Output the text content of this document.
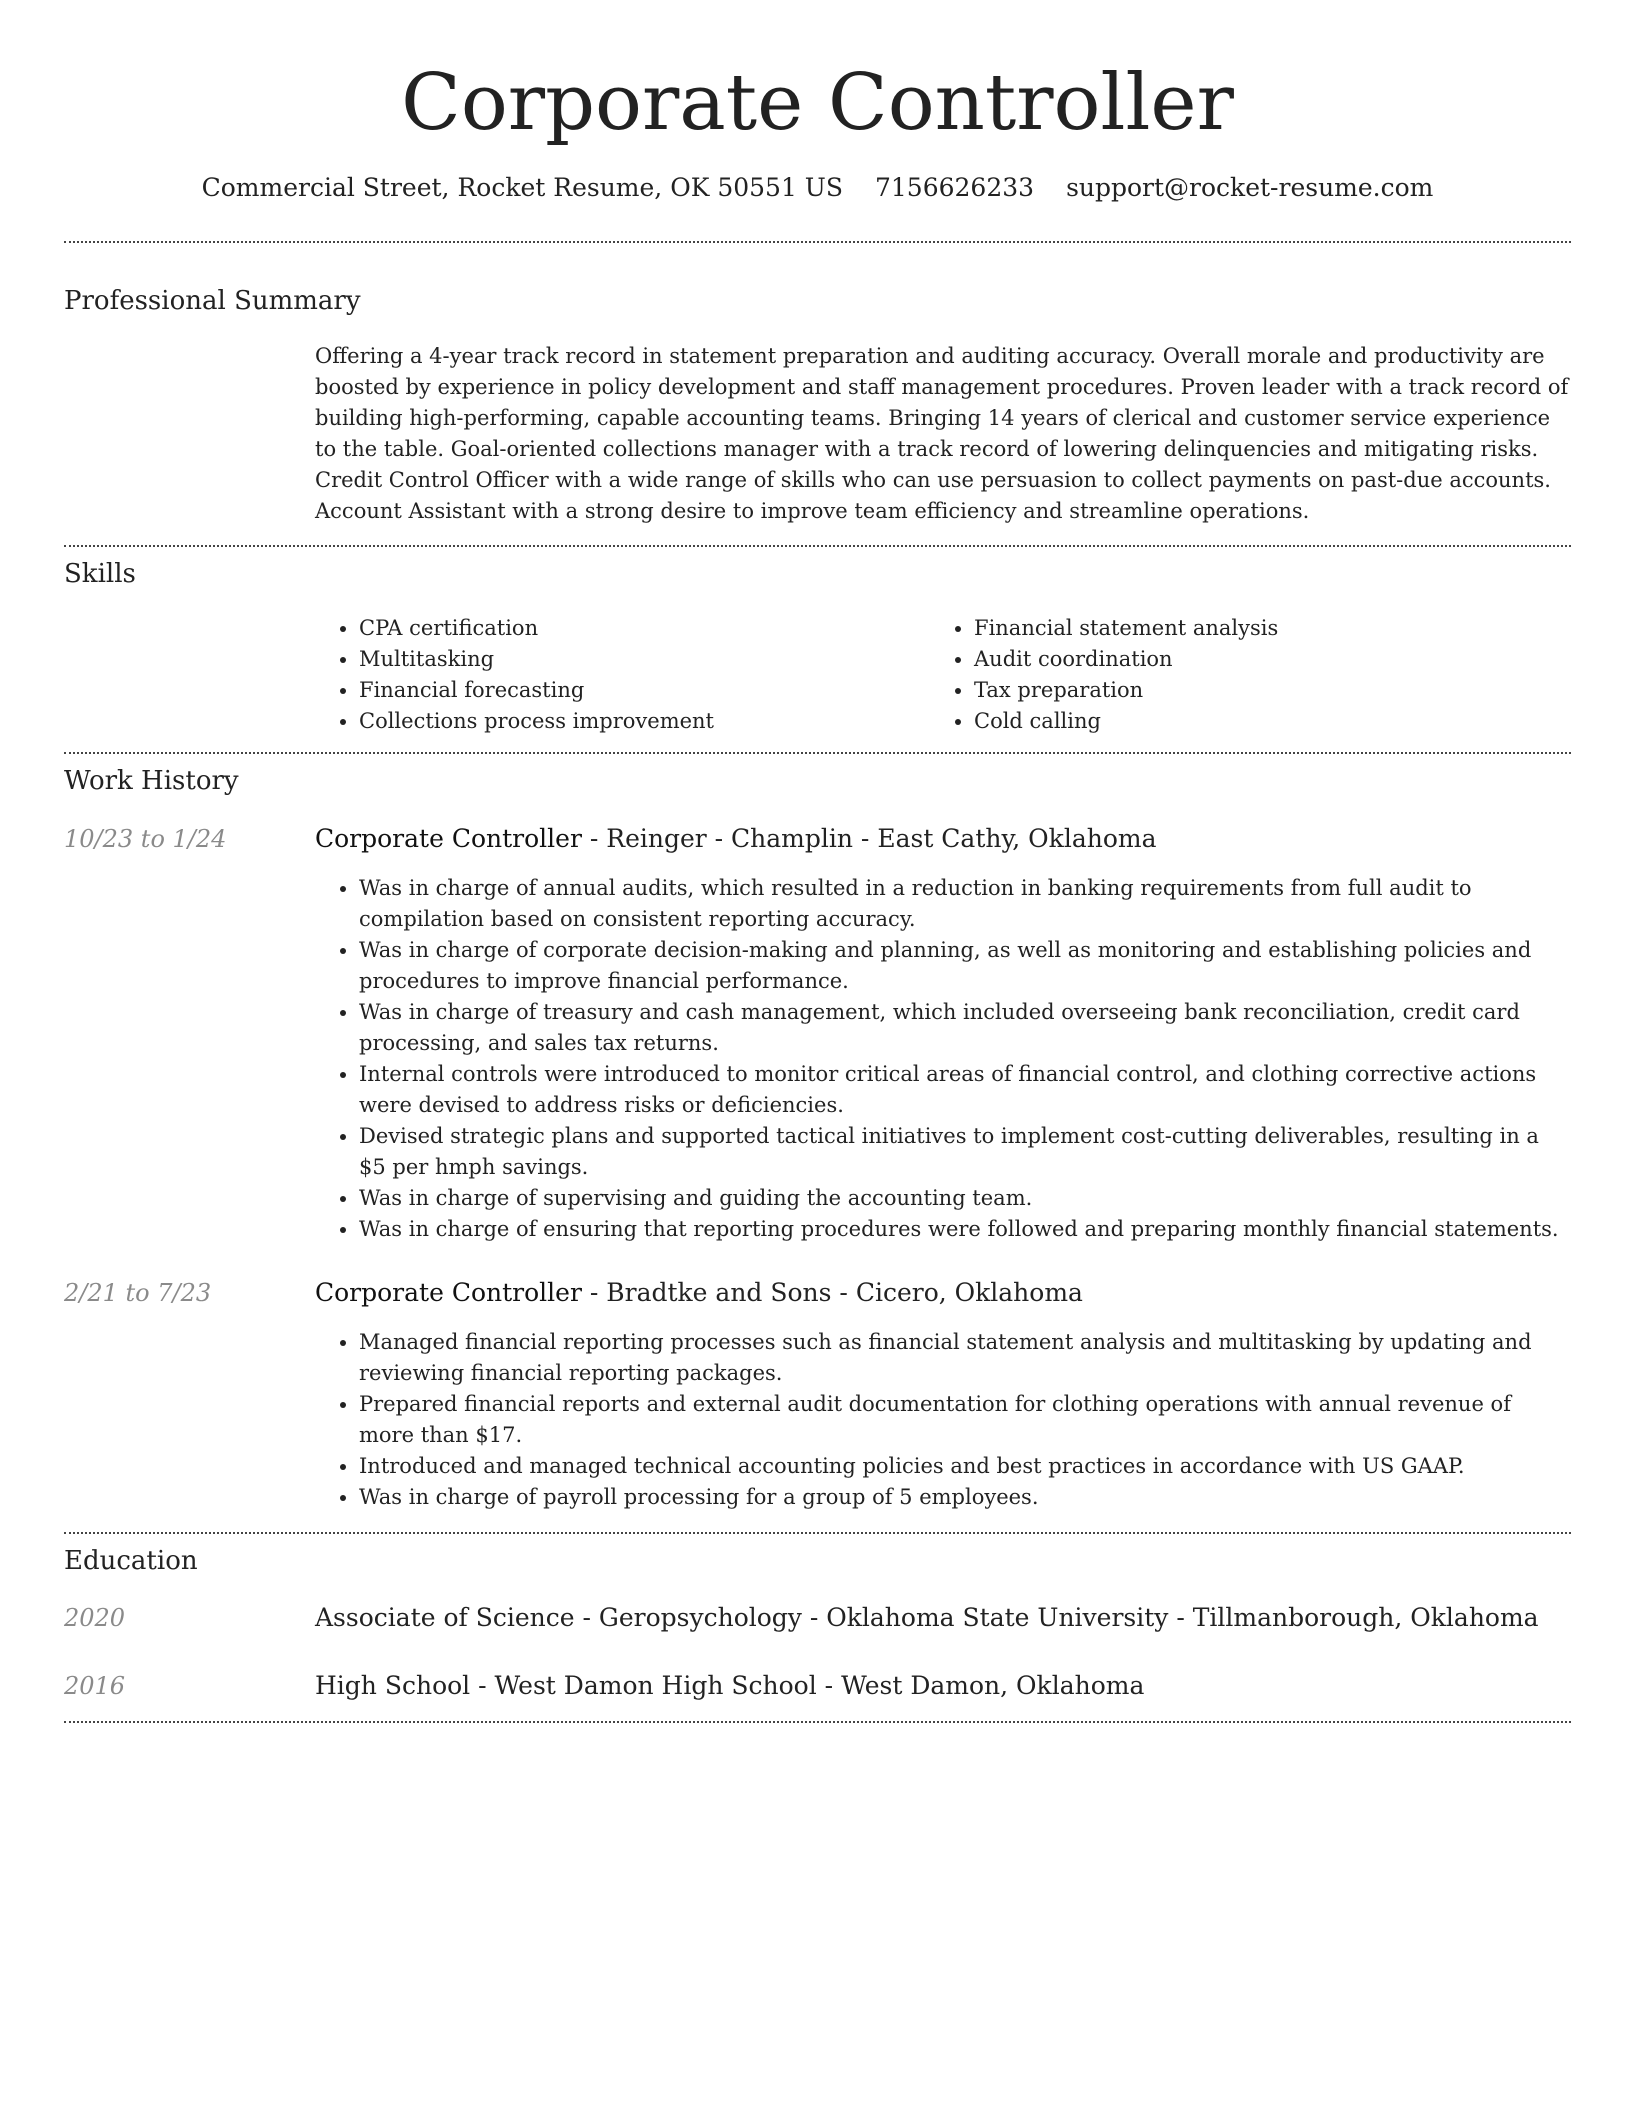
Corporate Controller
Commercial Street, Rocket Resume, OK 50551 US 7156626233 support@rocket-resume.com
Professional Summary

Offering a 4-year track record in statement preparation and auditing accuracy. Overall morale and productivity are boosted by experience in policy development and staff management procedures. Proven leader with a track record of building high-performing, capable accounting teams. Bringing 14 years of clerical and customer service experience to the table. Goal-oriented collections manager with a track record of lowering delinquencies and mitigating risks. Credit Control Officer with a wide range of skills who can use persuasion to collect payments on past-due accounts. Account Assistant with a strong desire to improve team efficiency and streamline operations.

Skills
• CPA certification
• Multitasking
• Financial forecasting
• Collections process improvement
• Financial statement analysis
• Audit coordination
• Tax preparation
• Cold calling
Work History
10/23 to 1/24	Corporate Controller - Reinger - Champlin - East Cathy, Oklahoma
• Was in charge of annual audits, which resulted in a reduction in banking requirements from full audit to compilation based on consistent reporting accuracy.
• Was in charge of corporate decision-making and planning, as well as monitoring and establishing policies and procedures to improve financial performance.
• Was in charge of treasury and cash management, which included overseeing bank reconciliation, credit card processing, and sales tax returns.
• Internal controls were introduced to monitor critical areas of financial control, and clothing corrective actions were devised to address risks or deficiencies.
• Devised strategic plans and supported tactical initiatives to implement cost-cutting deliverables, resulting in a $5 per hmph savings.
• Was in charge of supervising and guiding the accounting team.
• Was in charge of ensuring that reporting procedures were followed and preparing monthly financial statements.
2/21 to 7/23	Corporate Controller - Bradtke and Sons - Cicero, Oklahoma
• Managed financial reporting processes such as financial statement analysis and multitasking by updating and reviewing financial reporting packages.
• Prepared financial reports and external audit documentation for clothing operations with annual revenue of more than $17.
• Introduced and managed technical accounting policies and best practices in accordance with US GAAP.
• Was in charge of payroll processing for a group of 5 employees.
Education
2020	Associate of Science - Geropsychology - Oklahoma State University - Tillmanborough, Oklahoma
2016	High School - West Damon High School - West Damon, Oklahoma
